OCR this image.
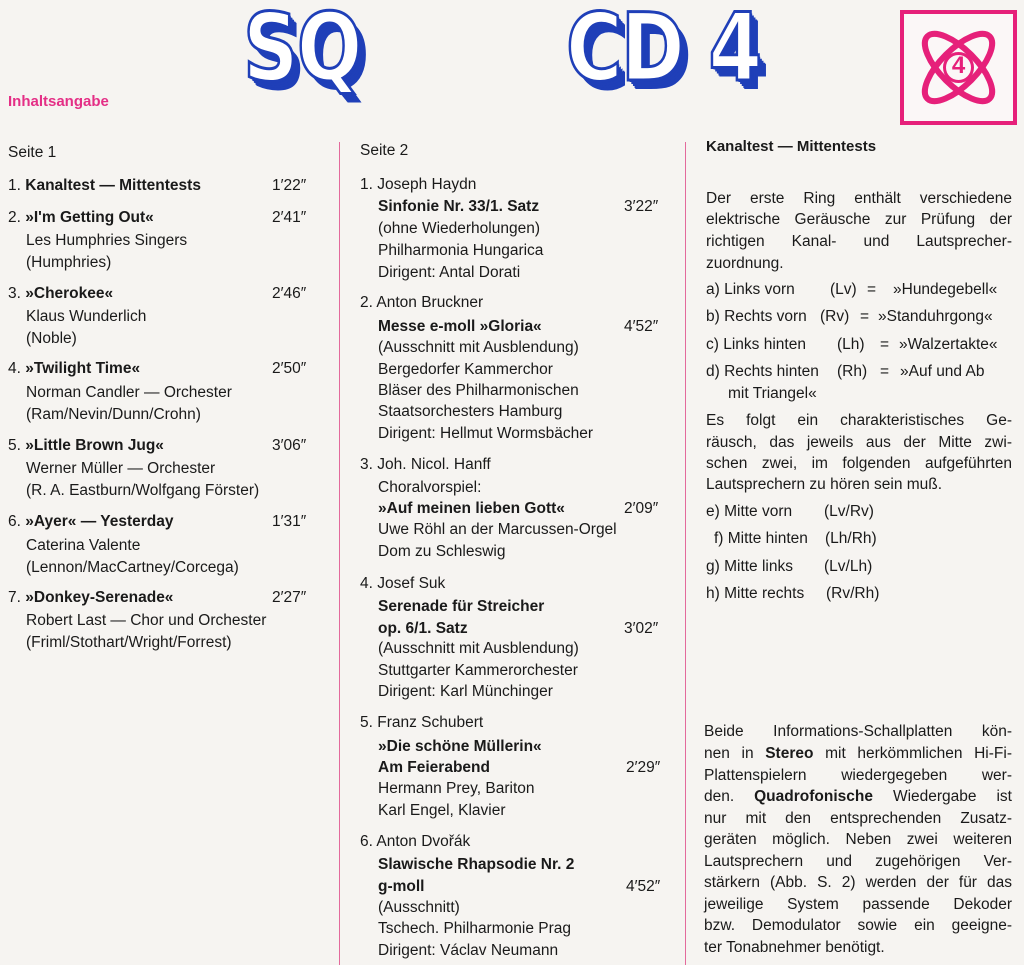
SQ CD 4	4
Inhaltsangabe
Seite 1
1. Kanaltest — Mittentests	1′22″
2. »I'm Getting Out«	2′41″
Les Humphries Singers
(Humphries)
3. »Cherokee«	2′46″
Klaus Wunderlich
(Noble)
4. »Twilight Time«	2′50″
Norman Candler — Orchester
(Ram/Nevin/Dunn/Crohn)
5. »Little Brown Jug«	3′06″
Werner Müller — Orchester
(R. A. Eastburn/Wolfgang Förster)
6. »Ayer« — Yesterday	1′31″
Caterina Valente
(Lennon/MacCartney/Corcega)
7. »Donkey-Serenade«	2′27″
Robert Last — Chor und Orchester
(Friml/Stothart/Wright/Forrest)
Seite 2
1. Joseph Haydn
Sinfonie Nr. 33/1. Satz	3′22″
(ohne Wiederholungen)
Philharmonia Hungarica
Dirigent: Antal Dorati
2. Anton Bruckner
Messe e-moll »Gloria«	4′52″
(Ausschnitt mit Ausblendung)
Bergedorfer Kammerchor
Bläser des Philharmonischen
Staatsorchesters Hamburg
Dirigent: Hellmut Wormsbächer
3. Joh. Nicol. Hanff
Choralvorspiel:
»Auf meinen lieben Gott«	2′09″
Uwe Röhl an der Marcussen-Orgel
Dom zu Schleswig
4. Josef Suk
Serenade für Streicher
op. 6/1. Satz	3′02″
(Ausschnitt mit Ausblendung)
Stuttgarter Kammerorchester
Dirigent: Karl Münchinger
5. Franz Schubert
»Die schöne Müllerin«
Am Feierabend	2′29″
Hermann Prey, Bariton
Karl Engel, Klavier
6. Anton Dvořák
Slawische Rhapsodie Nr. 2
g-moll	4′52″
(Ausschnitt)
Tschech. Philharmonie Prag
Dirigent: Václav Neumann
Kanaltest — Mittentests
Der erste Ring enthält verschiedene
elektrische Geräusche zur Prüfung der
richtigen Kanal- und Lautsprecher-
zuordnung.
a) Links vorn (Lv) = »Hundegebell«
b) Rechts vorn (Rv) = »Standuhrgong«
c) Links hinten (Lh) = »Walzertakte«
d) Rechts hinten (Rh) = »Auf und Ab
mit Triangel«
Es folgt ein charakteristisches Ge-
räusch, das jeweils aus der Mitte zwi-
schen zwei, im folgenden aufgeführten
Lautsprechern zu hören sein muß.
e) Mitte vorn (Lv/Rv)
f) Mitte hinten (Lh/Rh)
g) Mitte links (Lv/Lh)
h) Mitte rechts (Rv/Rh)
Beide Informations-Schallplatten kön-
nen in Stereo mit herkömmlichen Hi-Fi-
Plattenspielern wiedergegeben wer-
den. Quadrofonische Wiedergabe ist
nur mit den entsprechenden Zusatz-
geräten möglich. Neben zwei weiteren
Lautsprechern und zugehörigen Ver-
stärkern (Abb. S. 2) werden der für das
jeweilige System passende Dekoder
bzw. Demodulator sowie ein geeigne-
ter Tonabnehmer benötigt.
